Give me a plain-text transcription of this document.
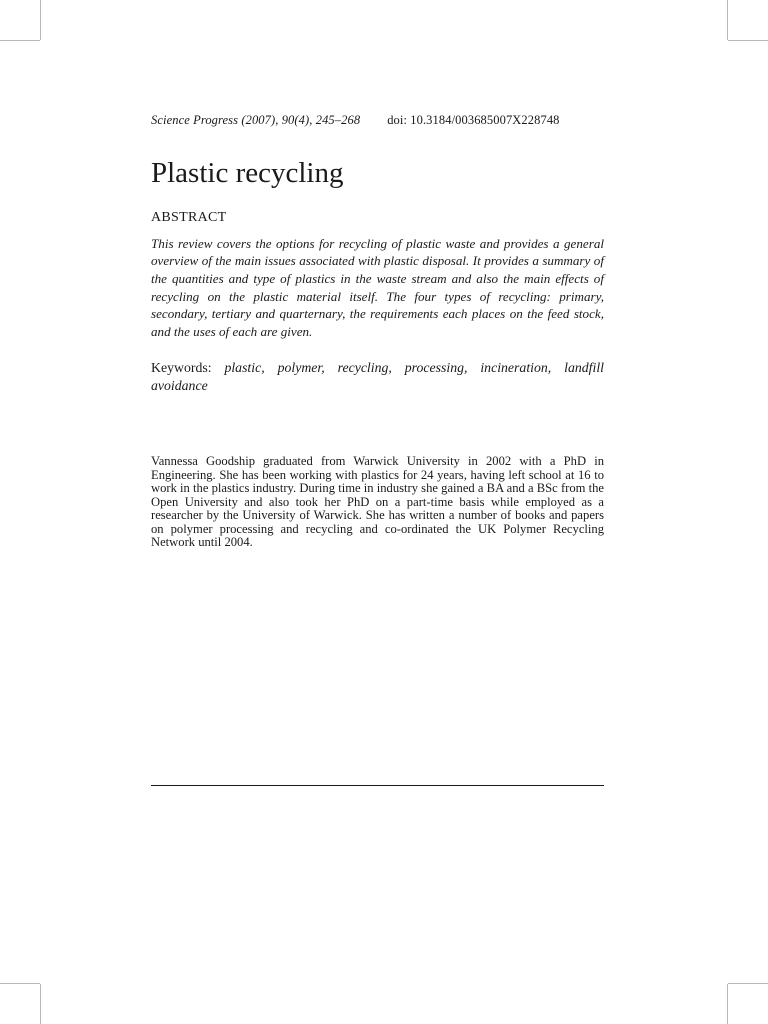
Science Progress (2007), 90(4), 245–268 doi: 10.3184/003685007X228748
Plastic recycling
ABSTRACT
This review covers the options for recycling of plastic waste and provides a general overview of the main issues associated with plastic disposal. It provides a summary of the quantities and type of plastics in the waste stream and also the main effects of recycling on the plastic material itself. The four types of recycling: primary, secondary, tertiary and quarternary, the requirements each places on the feed stock, and the uses of each are given.
Keywords: plastic, polymer, recycling, processing, incineration, landfill avoidance
Vannessa Goodship graduated from Warwick University in 2002 with a PhD in Engineering. She has been working with plastics for 24 years, having left school at 16 to work in the plastics industry. During time in industry she gained a BA and a BSc from the Open University and also took her PhD on a part-time basis while employed as a researcher by the University of Warwick. She has written a number of books and papers on polymer processing and recycling and co-ordinated the UK Polymer Recycling Network until 2004.
